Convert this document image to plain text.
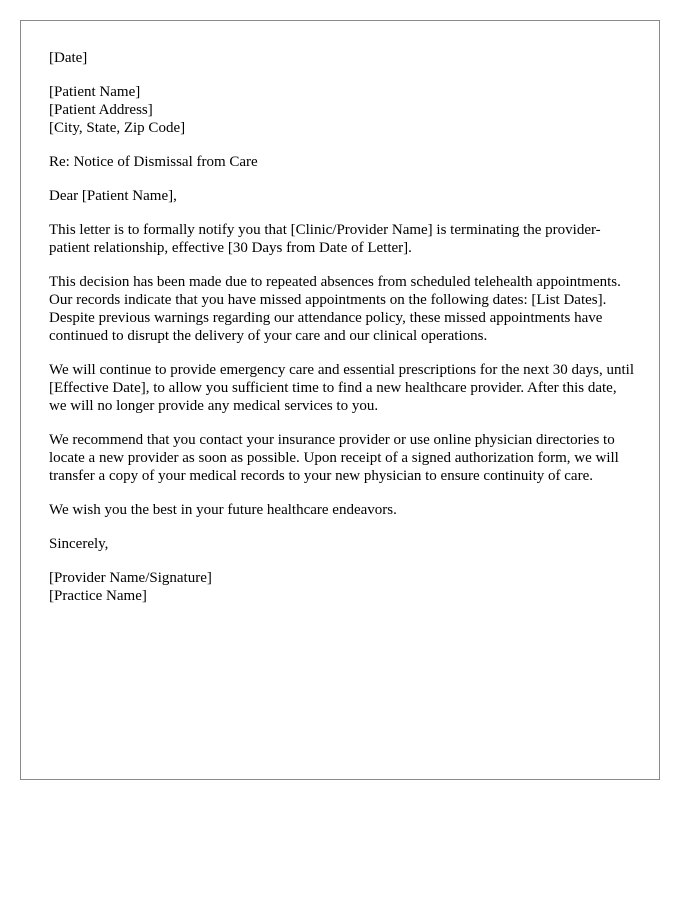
[Date]

[Patient Name]
[Patient Address]
[City, State, Zip Code]

Re: Notice of Dismissal from Care

Dear [Patient Name],

This letter is to formally notify you that [Clinic/Provider Name] is terminating the provider-patient relationship, effective [30 Days from Date of Letter].

This decision has been made due to repeated absences from scheduled telehealth appointments. Our records indicate that you have missed appointments on the following dates: [List Dates]. Despite previous warnings regarding our attendance policy, these missed appointments have continued to disrupt the delivery of your care and our clinical operations.

We will continue to provide emergency care and essential prescriptions for the next 30 days, until [Effective Date], to allow you sufficient time to find a new healthcare provider. After this date, we will no longer provide any medical services to you.

We recommend that you contact your insurance provider or use online physician directories to locate a new provider as soon as possible. Upon receipt of a signed authorization form, we will transfer a copy of your medical records to your new physician to ensure continuity of care.

We wish you the best in your future healthcare endeavors.

Sincerely,

[Provider Name/Signature]
[Practice Name]
